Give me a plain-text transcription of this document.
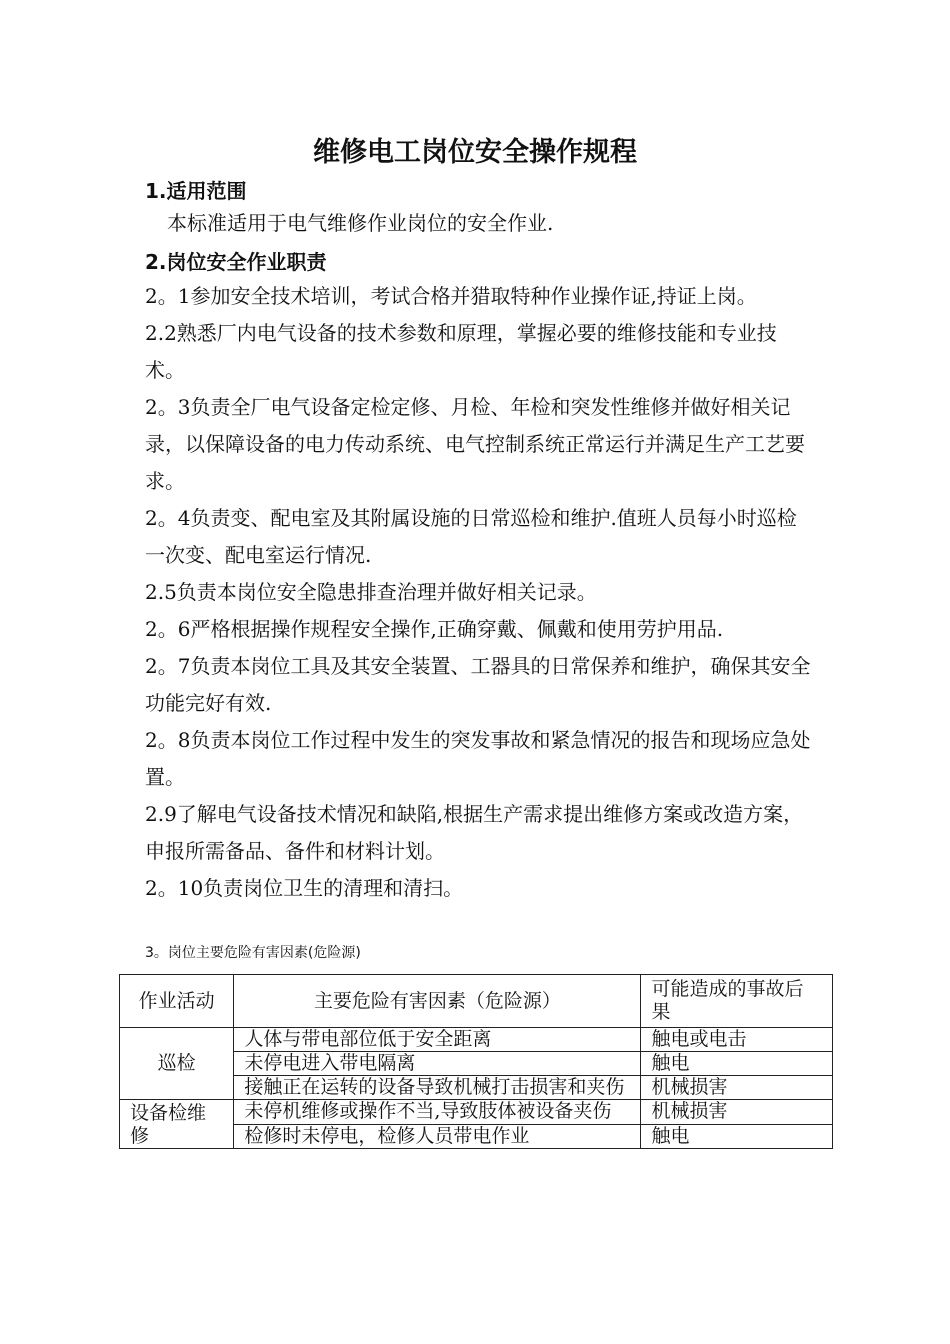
维修电工岗位安全操作规程
1.适用范围
本标准适用于电气维修作业岗位的安全作业.
2.岗位安全作业职责

2。1参加安全技术培训，考试合格并猎取特种作业操作证,持证上岗。

2.2熟悉厂内电气设备的技术参数和原理，掌握必要的维修技能和专业技术。

2。3负责全厂电气设备定检定修、月检、年检和突发性维修并做好相关记录，以保障设备的电力传动系统、电气控制系统正常运行并满足生产工艺要求。

2。4负责变、配电室及其附属设施的日常巡检和维护.值班人员每小时巡检一次变、配电室运行情况.

2.5负责本岗位安全隐患排查治理并做好相关记录。

2。6严格根据操作规程安全操作,正确穿戴、佩戴和使用劳护用品.

2。7负责本岗位工具及其安全装置、工器具的日常保养和维护，确保其安全功能完好有效.

2。8负责本岗位工作过程中发生的突发事故和紧急情况的报告和现场应急处置。

2.9了解电气设备技术情况和缺陷,根据生产需求提出维修方案或改造方案，申报所需备品、备件和材料计划。

2。10负责岗位卫生的清理和清扫。

3。岗位主要危险有害因素(危险源)
作业活动	主要危险有害因素（危险源）	可能造成的事故后果
巡检	人体与带电部位低于安全距离	触电或电击
	未停电进入带电隔离	触电
	接触正在运转的设备导致机械打击损害和夹伤	机械损害
设备检维修	未停机维修或操作不当,导致肢体被设备夹伤	机械损害
	检修时未停电，检修人员带电作业	触电
